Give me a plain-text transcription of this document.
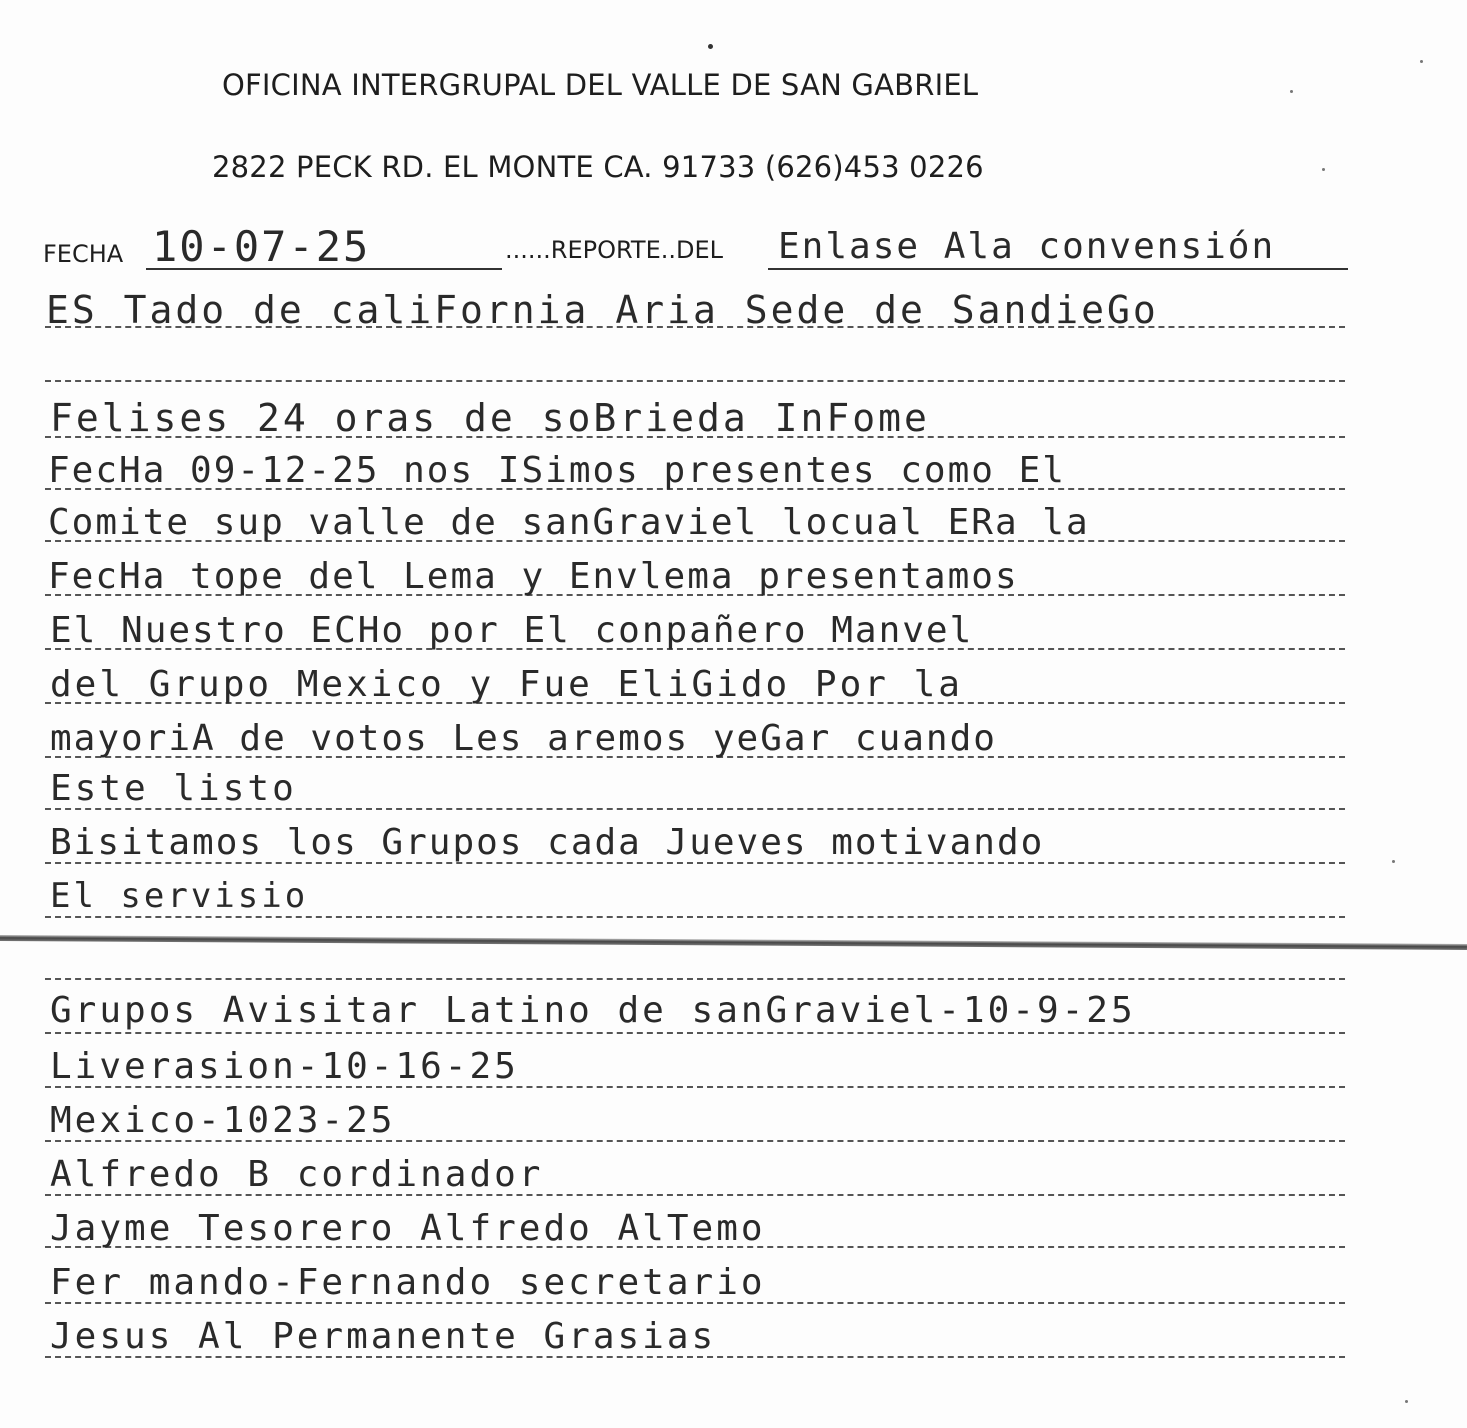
OFICINA INTERGRUPAL DEL VALLE DE SAN GABRIEL
2822 PECK RD. EL MONTE CA. 91733 (626)453 0226
FECHA 10-07-25	......REPORTE..DEL Enlase Ala convensión
ES Tado de caliFornia Aria Sede de SandieGo
Felises 24 oras de soBrieda InFome
FecHa 09-12-25 nos ISimos presentes como El
Comite sup valle de sanGraviel locual ERa la
FecHa tope del Lema y Envlema presentamos
El Nuestro ECHo por El conpañero Manvel
del Grupo Mexico y Fue EliGido Por la
mayoriA de votos Les aremos yeGar cuando
Este listo
Bisitamos los Grupos cada Jueves motivando
El servisio
Grupos Avisitar Latino de sanGraviel-10-9-25
Liverasion-10-16-25
Mexico-1023-25
Alfredo B cordinador
Jayme Tesorero Alfredo AlTemo
Fer mando-Fernando secretario
Jesus Al Permanente Grasias
